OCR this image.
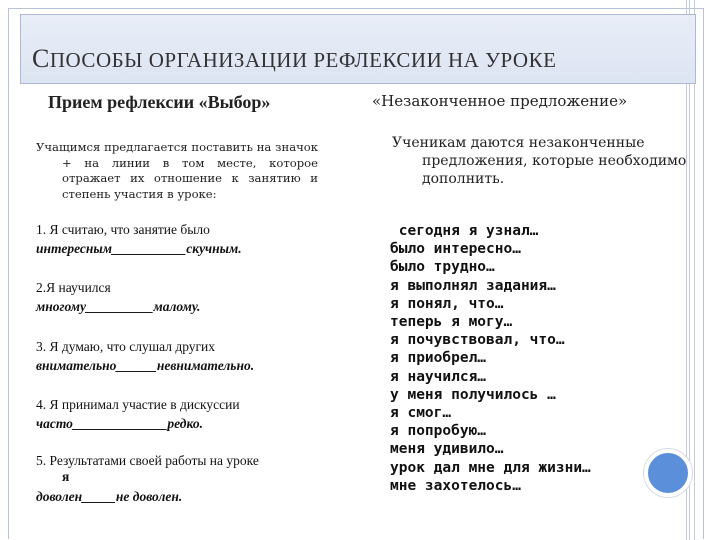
СПОСОБЫ ОРГАНИЗАЦИИ РЕФЛЕКСИИ НА УРОКЕ
Прием рефлексии «Выбор»	«Незаконченное предложение»
Учащимся предлагается поставить на значок + на линии в том месте, которое отражает их отношение к занятию и степень участия в уроке:
Ученикам даются незаконченные предложения, которые необходимо дополнить.
1. Я считаю, что занятие было
интересным___________скучным.
2.Я научился
многому__________малому.
3. Я думаю, что слушал других
внимательно______невнимательно.
4. Я принимал участие в дискуссии
часто______________редко.
5. Результатами своей работы на уроке
я
доволен_____не доволен.
сегодня я узнал…
было интересно…
было трудно…
я выполнял задания…
я понял, что…
теперь я могу…
я почувствовал, что…
я приобрел…
я научился…
у меня получилось …
я смог…
я попробую…
меня удивило…
урок дал мне для жизни…
мне захотелось…
